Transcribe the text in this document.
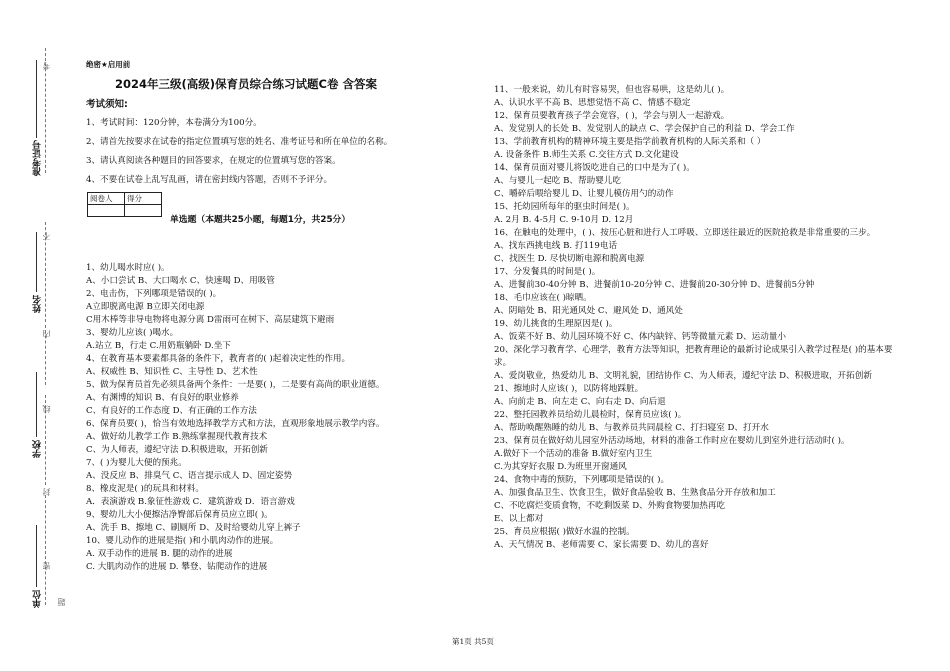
考
不
内
线
封
密
题
准考证号
姓名
学校
单位
绝密★启用前
2024年三级(高级)保育员综合练习试题C卷 含答案
考试须知:
1、考试时间：120分钟，本卷满分为100分。
2、请首先按要求在试卷的指定位置填写您的姓名、准考证号和所在单位的名称。
3、请认真阅读各种题目的回答要求，在规定的位置填写您的答案。
4、不要在试卷上乱写乱画，请在密封线内答题，否则不予评分。
阅卷人	得分

单选题（本题共25小题，每题1分，共25分）
1、幼儿喝水时应( )。
A、小口尝试 B、大口喝水 C、快速喝 D、用吸管
2、电击伤，下列哪项是错误的( )。
A立即脱离电源 B立即关闭电源
C用木棒等非导电物将电源分离 D雷雨可在树下、高层建筑下避雨
3、婴幼儿应该( )喝水。
A.站立 B，行走 C.用奶瓶躺卧 D.坐下
4、在教育基本要素都具备的条件下，教育者的( )起着决定性的作用。
A、权威性 B、知识性 C、主导性 D、艺术性
5、做为保育员首先必须具备两个条件：一是要( )，二是要有高尚的职业道德。
A、有渊博的知识 B、有良好的职业修养
C、有良好的工作态度 D、有正确的工作方法
6、保育员要( )，恰当有效地选择教学方式和方法，直观形象地展示教学内容。
A、做好幼儿教学工作 B.熟练掌握现代教育技术
C、为人师表，遵纪守法 D.积极进取，开拓创新
7、( )为婴儿大便的预兆。
A、没反应 B、排臭气 C、语言提示成人 D、固定姿势
8、橡皮泥是( )的玩具和材料。
A．表演游戏 B.象征性游戏 C．建筑游戏 D．语言游戏
9、婴幼儿大小便擦洁净臀部后保育员应立即( )。
A、洗手 B、擦地 C、刷厕所 D、及时给婴幼儿穿上裤子
10、婴儿动作的进展是指( )和小肌肉动作的进展。
A. 双手动作的进展 B. 腿的动作的进展
C. 大肌肉动作的进展 D. 攀登、钻爬动作的进展
11、一般来说，幼儿有时容易哭，但也容易哄，这是幼儿( )。
A、认识水平不高 B、思想觉悟不高 C、情感不稳定
12、保育员要教育孩子学会宽容，( )，学会与别人一起游戏。
A、发觉别人的长处 B、发觉别人的缺点 C、学会保护自己的利益 D、学会工作
13、学前教育机构的精神环境主要是指学前教育机构的人际关系和（ ）
A. 设备条件 B.师生关系 C.交往方式 D.文化建设
14、保育员面对婴儿将饭吃进自己的口中是为了( )。
A、与婴儿一起吃 B、帮助婴儿吃
C、嚼碎后喂给婴儿 D、让婴儿模仿用勺的动作
15、托幼园所每年的驱虫时间是( )。
A. 2月 B. 4-5月 C. 9-10月 D. 12月
16、在触电的处理中，( )、按压心脏和进行人工呼吸、立即送往最近的医院抢救是非常重要的三步。
A、找东西挑电线 B. 打119电话
C、找医生 D. 尽快切断电源和脱离电源
17、分发餐具的时间是( )。
A、进餐前30-40分钟 B、进餐前10-20分钟 C、进餐前20-30分钟 D、进餐前5分钟
18、毛巾应该在( )晾晒。
A、阴暗处 B、阳光通风处 C、避风处 D、通风处
19、幼儿挑食的生理原因是( )。
A、饭菜不好 B、幼儿园环境不好 C、体内缺锌、钙等微量元素 D、运动量小
20、深化学习教育学、心理学，教育方法等知识，把教育理论的最新讨论成果引入教学过程是( )的基本要求。
A、爱岗敬业，热爱幼儿 B、文明礼貌，团结协作 C、为人师表，遵纪守法 D、积极进取，开拓创新
21、擦地时人应该( )，以防将地踩脏。
A、向前走 B、向左走 C、向右走 D、向后退
22、整托园教养员给幼儿晨检时，保育员应该( )。
A、帮助唤醒熟睡的幼儿 B、与教养员共同晨检 C、打扫寝室 D、打开水
23、保育员在做好幼儿园室外活动场地，材料的准备工作时应在婴幼儿到室外进行活动时( )。
A.做好下一个活动的准备 B.做好室内卫生
C.为其穿好衣服 D.为班里开窗通风
24、食物中毒的预防，下列哪项是错误的( )。
A、加强食品卫生、饮食卫生，做好食品验收 B、生熟食品分开存放和加工
C、不吃腐烂变质食物，不吃剩饭菜 D、外购食物要加热再吃
E、以上都对
25、育员应根据( )做好水温的控制。
A、天气情况 B、老师需要 C、家长需要 D、幼儿的喜好
第1页 共5页
